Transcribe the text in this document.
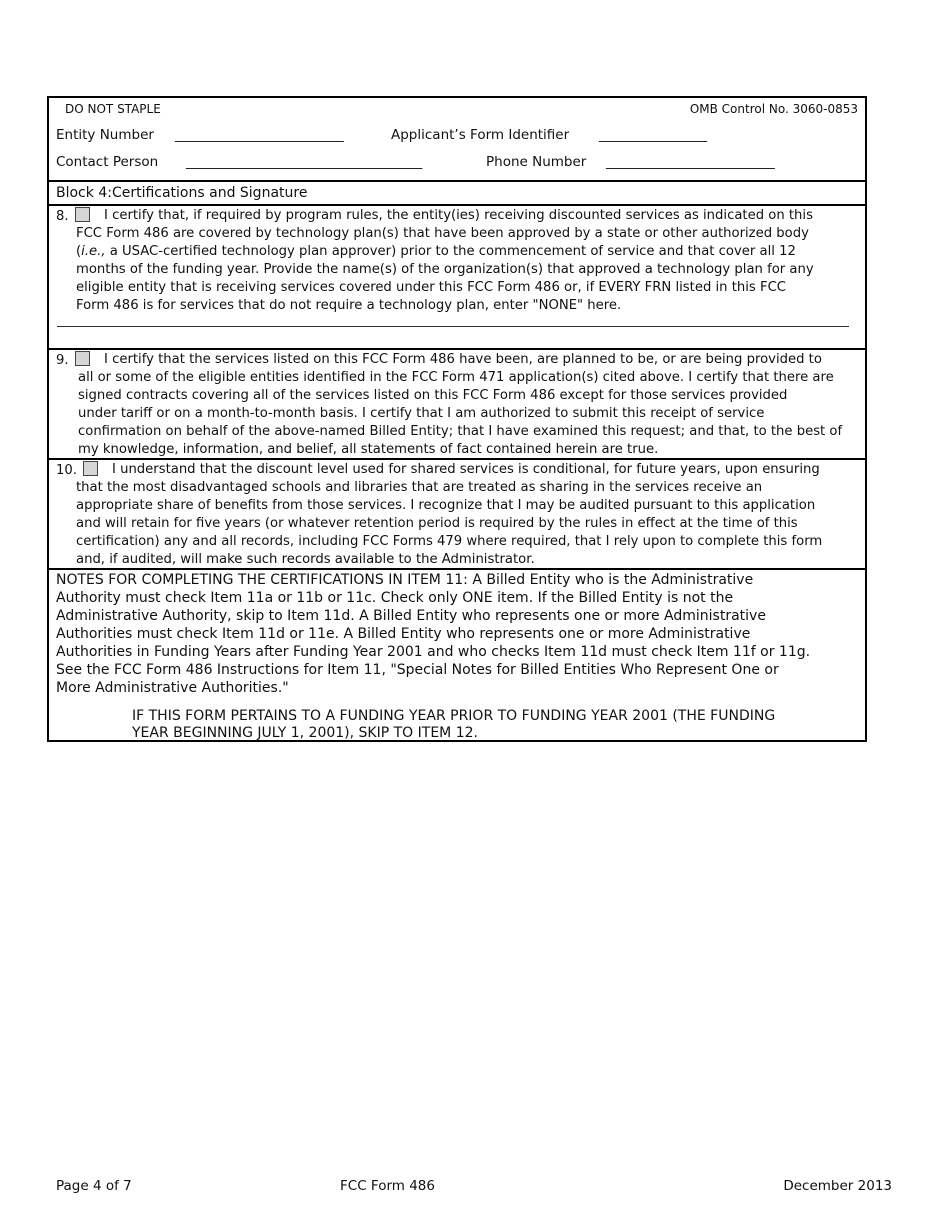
DO NOT STAPLE	OMB Control No. 3060-0853
Entity Number _________________________	Applicant’s Form Identifier ________________
Contact Person ___________________________________	Phone Number _________________________
Block 4:Certifications and Signature
8.	I certify that, if required by program rules, the entity(ies) receiving discounted services as indicated on this
FCC Form 486 are covered by technology plan(s) that have been approved by a state or other authorized body
(i.e., a USAC-certified technology plan approver) prior to the commencement of service and that cover all 12
months of the funding year. Provide the name(s) of the organization(s) that approved a technology plan for any
eligible entity that is receiving services covered under this FCC Form 486 or, if EVERY FRN listed in this FCC
Form 486 is for services that do not require a technology plan, enter "NONE" here.
9.	I certify that the services listed on this FCC Form 486 have been, are planned to be, or are being provided to
all or some of the eligible entities identified in the FCC Form 471 application(s) cited above. I certify that there are
signed contracts covering all of the services listed on this FCC Form 486 except for those services provided
under tariff or on a month-to-month basis. I certify that I am authorized to submit this receipt of service
confirmation on behalf of the above-named Billed Entity; that I have examined this request; and that, to the best of
my knowledge, information, and belief, all statements of fact contained herein are true.
10.	I understand that the discount level used for shared services is conditional, for future years, upon ensuring
that the most disadvantaged schools and libraries that are treated as sharing in the services receive an
appropriate share of benefits from those services. I recognize that I may be audited pursuant to this application
and will retain for five years (or whatever retention period is required by the rules in effect at the time of this
certification) any and all records, including FCC Forms 479 where required, that I rely upon to complete this form
and, if audited, will make such records available to the Administrator.
NOTES FOR COMPLETING THE CERTIFICATIONS IN ITEM 11: A Billed Entity who is the Administrative
Authority must check Item 11a or 11b or 11c. Check only ONE item. If the Billed Entity is not the
Administrative Authority, skip to Item 11d. A Billed Entity who represents one or more Administrative
Authorities must check Item 11d or 11e. A Billed Entity who represents one or more Administrative
Authorities in Funding Years after Funding Year 2001 and who checks Item 11d must check Item 11f or 11g.
See the FCC Form 486 Instructions for Item 11, "Special Notes for Billed Entities Who Represent One or
More Administrative Authorities."
IF THIS FORM PERTAINS TO A FUNDING YEAR PRIOR TO FUNDING YEAR 2001 (THE FUNDING
YEAR BEGINNING JULY 1, 2001), SKIP TO ITEM 12.
Page 4 of 7	FCC Form 486	December 2013
